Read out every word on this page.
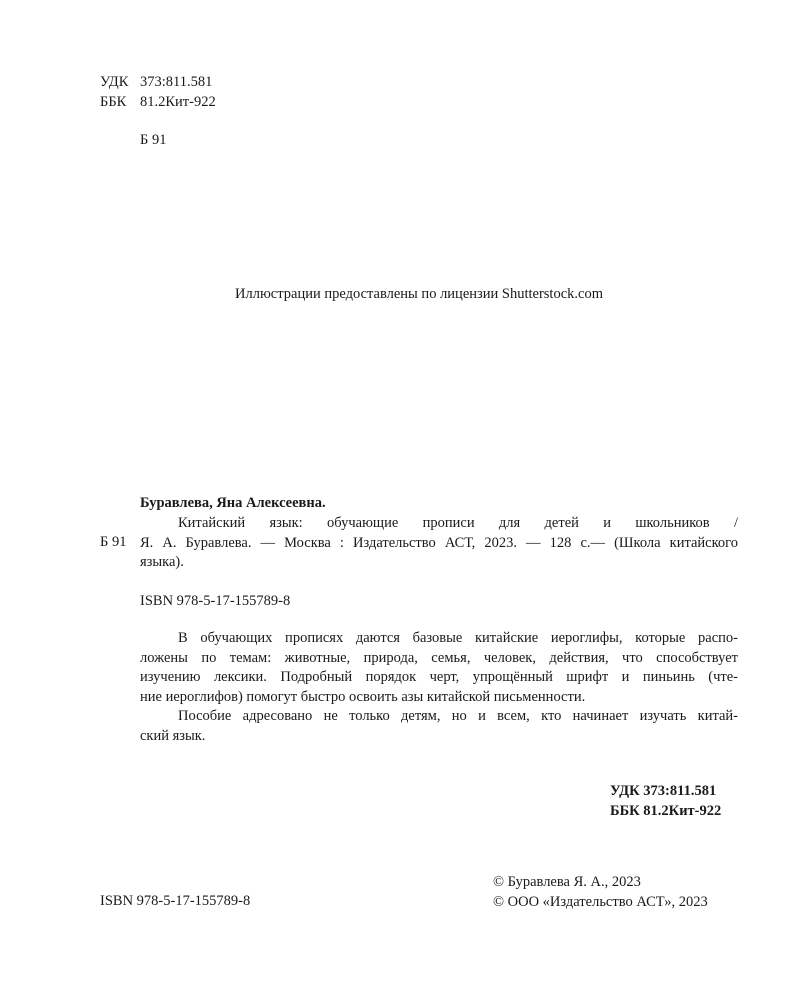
УДК 373:811.581
ББК 81.2Кит-922
Б 91
Иллюстрации предоставлены по лицензии Shutterstock.com
Буравлева, Яна Алексеевна.
Б 91

Китайский язык: обучающие прописи для детей и школьников /

Я. А. Буравлева. — Москва : Издательство АСТ, 2023. — 128 с.— (Школа китайского

языка).

ISBN 978-5-17-155789-8

В обучающих прописях даются базовые китайские иероглифы, которые распо-

ложены по темам: животные, природа, семья, человек, действия, что способствует

изучению лексики. Подробный порядок черт, упрощённый шрифт и пиньинь (чте-

ние иероглифов) помогут быстро освоить азы китайской письменности.

Пособие адресовано не только детям, но и всем, кто начинает изучать китай-

ский язык.

УДК 373:811.581
ББК 81.2Кит-922
ISBN 978-5-17-155789-8
© Буравлева Я. А., 2023
© ООО «Издательство АСТ», 2023
